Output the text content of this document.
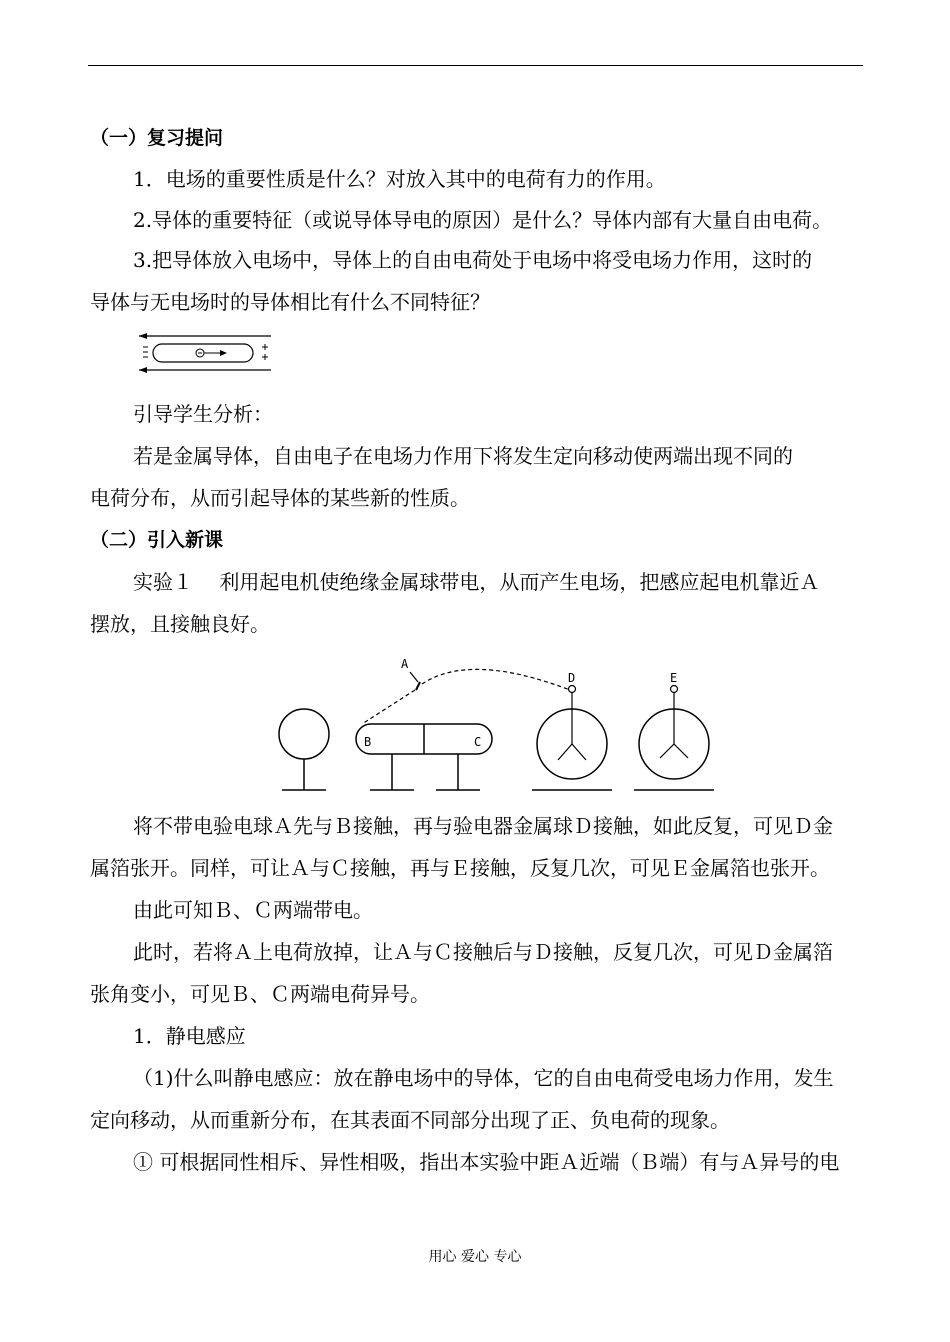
（一）复习提问
1．电场的重要性质是什么？对放入其中的电荷有力的作用。
2.导体的重要特征（或说导体导电的原因）是什么？导体内部有大量自由电荷。
3.把导体放入电场中，导体上的自由电荷处于电场中将受电场力作用，这时的
导体与无电场时的导体相比有什么不同特征？
引导学生分析：
若是金属导体，自由电子在电场力作用下将发生定向移动使两端出现不同的
电荷分布，从而引起导体的某些新的性质。
（二）引入新课
实验１　 利用起电机使绝缘金属球带电，从而产生电场，把感应起电机靠近Ａ
摆放，且接触良好。
B	C
A
D	E
将不带电验电球Ａ先与Ｂ接触，再与验电器金属球Ｄ接触，如此反复，可见Ｄ金
属箔张开。同样，可让Ａ与Ｃ接触，再与Ｅ接触，反复几次，可见Ｅ金属箔也张开。
由此可知Ｂ、Ｃ两端带电。
此时，若将Ａ上电荷放掉，让Ａ与Ｃ接触后与Ｄ接触，反复几次，可见Ｄ金属箔
张角变小，可见Ｂ、Ｃ两端电荷异号。
1．静电感应
（1)什么叫静电感应：放在静电场中的导体，它的自由电荷受电场力作用，发生
定向移动，从而重新分布，在其表面不同部分出现了正、负电荷的现象。
① 可根据同性相斥、异性相吸，指出本实验中距Ａ近端（Ｂ端）有与Ａ异号的电
用心 爱心 专心
